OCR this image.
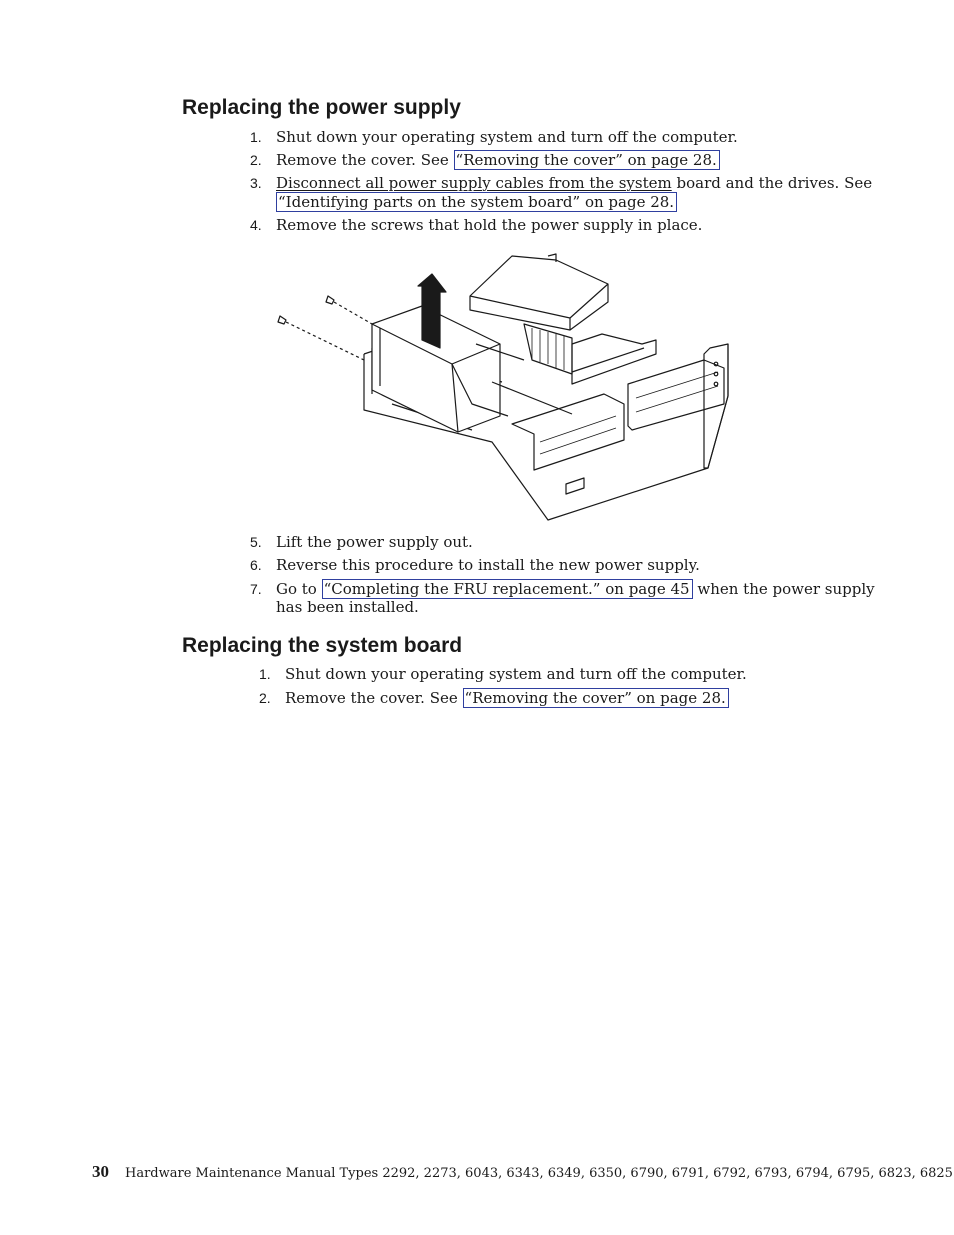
Replacing the power supply
1. Shut down your operating system and turn off the computer.
2. Remove the cover. See “Removing the cover” on page 28.
3. Disconnect all power supply cables from the system board and the drives. See
“Identifying parts on the system board” on page 28.
4. Remove the screws that hold the power supply in place.
5. Lift the power supply out.
6. Reverse this procedure to install the new power supply.
7. Go to “Completing the FRU replacement.” on page 45 when the power supply
has been installed.
Replacing the system board
1. Shut down your operating system and turn off the computer.
2. Remove the cover. See “Removing the cover” on page 28.
30 Hardware Maintenance Manual Types 2292, 2273, 6043, 6343, 6349, 6350, 6790, 6791, 6792, 6793, 6794, 6795, 6823, 6825
